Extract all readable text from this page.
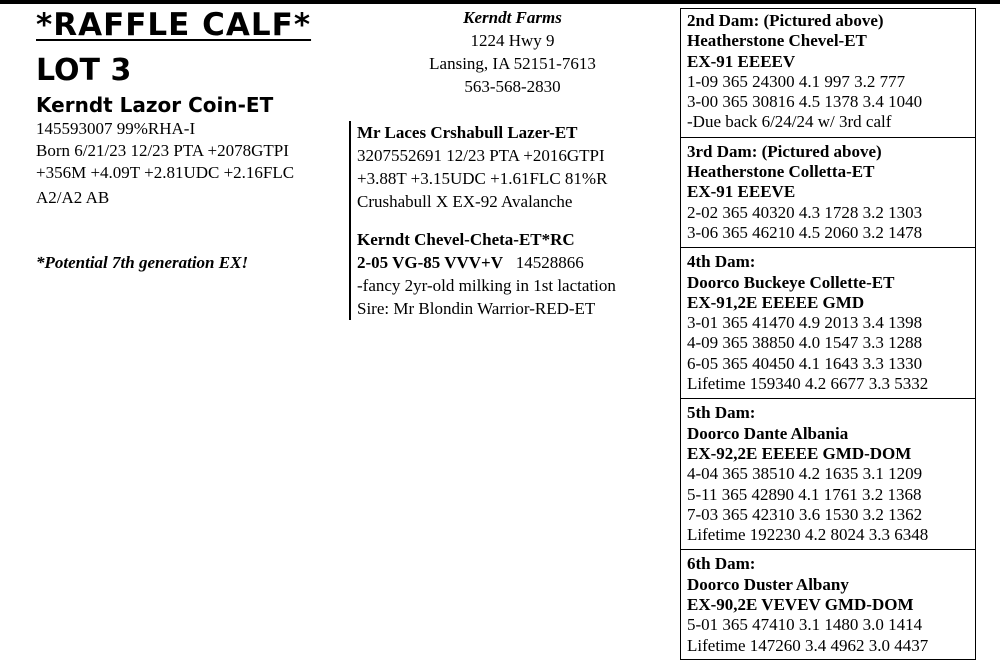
*RAFFLE CALF*
LOT 3
Kerndt Lazor Coin-ET
145593007 99%RHA-I
Born 6/21/23 12/23 PTA +2078GTPI
+356M +4.09T +2.81UDC +2.16FLC
A2/A2 AB
*Potential 7th generation EX!
Kerndt Farms
1224 Hwy 9
Lansing, IA 52151-7613
563-568-2830
Mr Laces Crshabull Lazer-ET
3207552691 12/23 PTA +2016GTPI
+3.88T +3.15UDC +1.61FLC 81%R
Crushabull X EX-92 Avalanche
Kerndt Chevel-Cheta-ET*RC
2-05 VG-85 VVV+V 14528866
-fancy 2yr-old milking in 1st lactation
Sire: Mr Blondin Warrior-RED-ET
2nd Dam: (Pictured above)
Heatherstone Chevel-ET
EX-91 EEEEV
1-09 365 24300 4.1 997 3.2 777
3-00 365 30816 4.5 1378 3.4 1040
-Due back 6/24/24 w/ 3rd calf
3rd Dam: (Pictured above)
Heatherstone Colletta-ET
EX-91 EEEVE
2-02 365 40320 4.3 1728 3.2 1303
3-06 365 46210 4.5 2060 3.2 1478
4th Dam:
Doorco Buckeye Collette-ET
EX-91,2E EEEEE GMD
3-01 365 41470 4.9 2013 3.4 1398
4-09 365 38850 4.0 1547 3.3 1288
6-05 365 40450 4.1 1643 3.3 1330
Lifetime 159340 4.2 6677 3.3 5332
5th Dam:
Doorco Dante Albania
EX-92,2E EEEEE GMD-DOM
4-04 365 38510 4.2 1635 3.1 1209
5-11 365 42890 4.1 1761 3.2 1368
7-03 365 42310 3.6 1530 3.2 1362
Lifetime 192230 4.2 8024 3.3 6348
6th Dam:
Doorco Duster Albany
EX-90,2E VEVEV GMD-DOM
5-01 365 47410 3.1 1480 3.0 1414
Lifetime 147260 3.4 4962 3.0 4437
